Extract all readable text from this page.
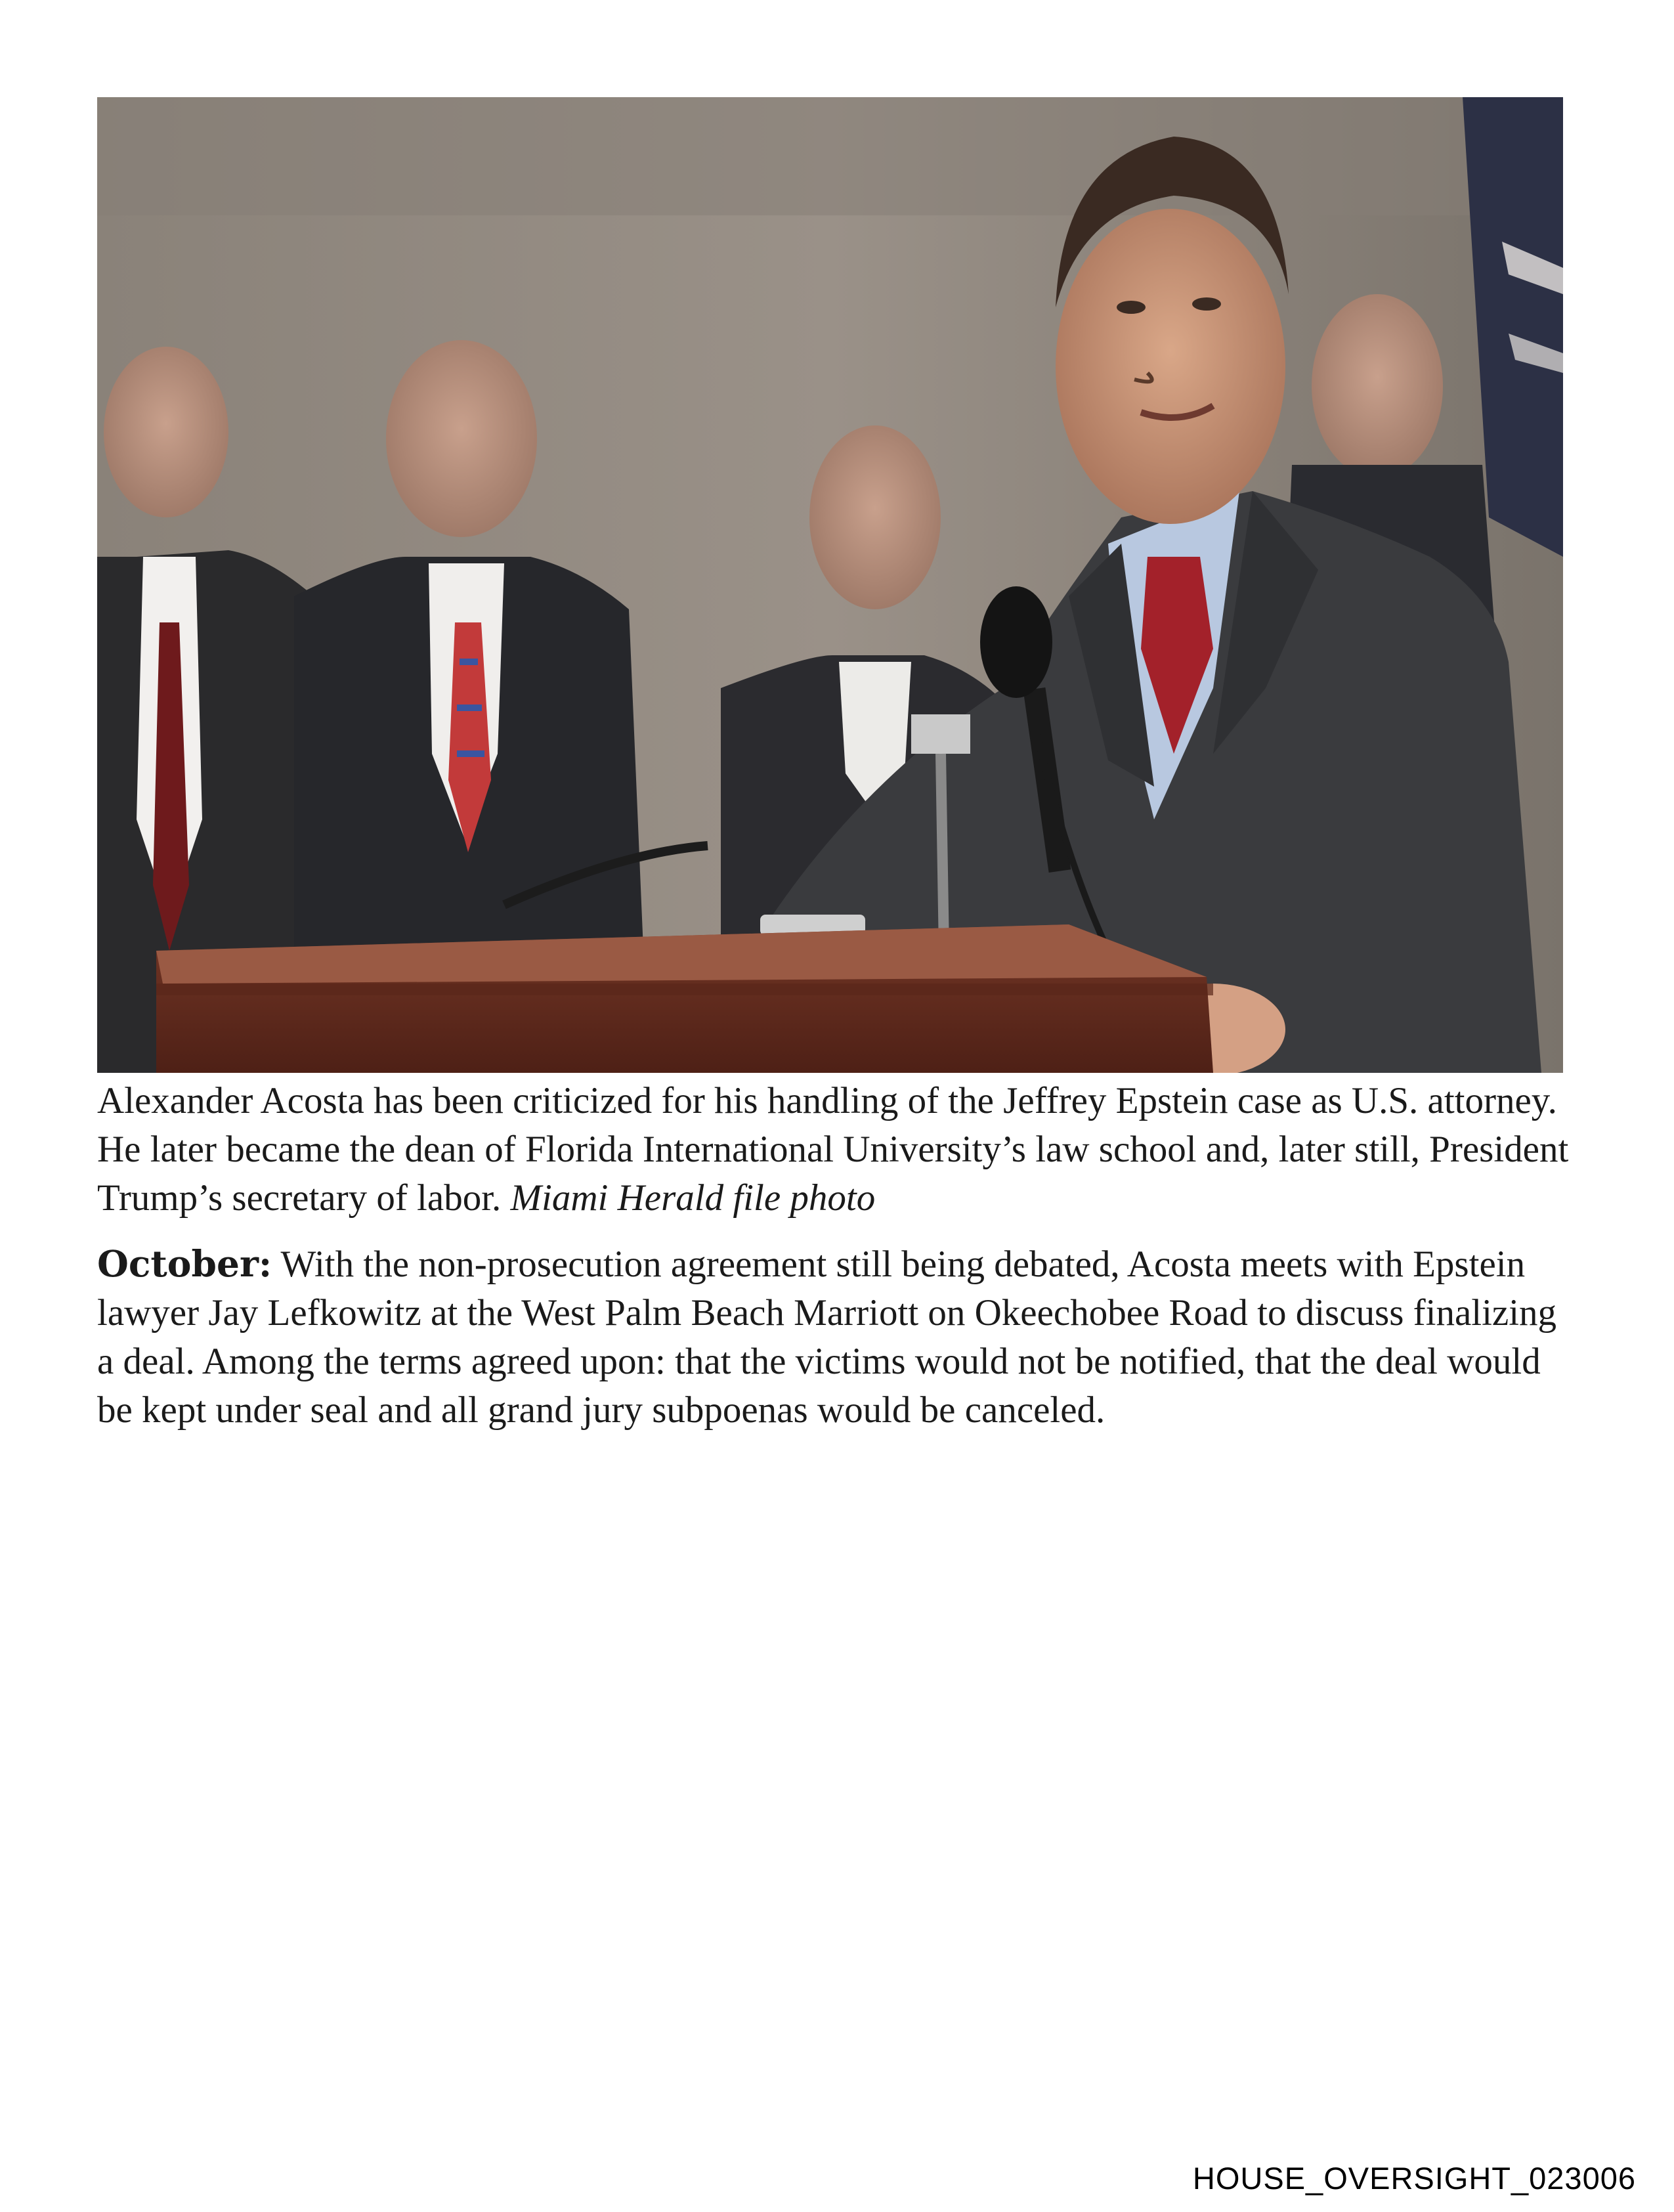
Alexander Acosta has been criticized for his handling of the Jeffrey Epstein case as U.S. attorney. He later became the dean of Florida International University’s law school and, later still, President Trump’s secretary of labor. Miami Herald file photo

October: With the non-prosecution agreement still being debated, Acosta meets with Epstein lawyer Jay Lefkowitz at the West Palm Beach Marriott on Okeechobee Road to discuss finalizing a deal. Among the terms agreed upon: that the victims would not be notified, that the deal would be kept under seal and all grand jury subpoenas would be canceled.

HOUSE_OVERSIGHT_023006
